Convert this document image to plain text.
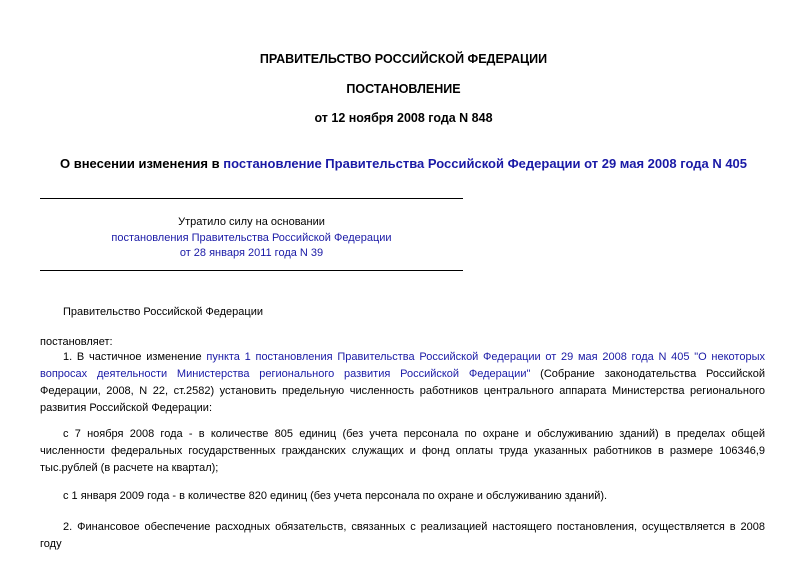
ПРАВИТЕЛЬСТВО РОССИЙСКОЙ ФЕДЕРАЦИИ
ПОСТАНОВЛЕНИЕ
от 12 ноября 2008 года N 848
О внесении изменения в постановление Правительства Российской Федерации от 29 мая 2008 года N 405
Утратило силу на основании
постановления Правительства Российской Федерации
от 28 января 2011 года N 39
Правительство Российской Федерации
постановляет:
1. В частичное изменение пункта 1 постановления Правительства Российской Федерации от 29 мая 2008 года N 405 "О некоторых вопросах деятельности Министерства регионального развития Российской Федерации" (Собрание законодательства Российской Федерации, 2008, N 22, ст.2582) установить предельную численность работников центрального аппарата Министерства регионального развития Российской Федерации:
с 7 ноября 2008 года - в количестве 805 единиц (без учета персонала по охране и обслуживанию зданий) в пределах общей численности федеральных государственных гражданских служащих и фонд оплаты труда указанных работников в размере 106346,9 тыс.рублей (в расчете на квартал);
с 1 января 2009 года - в количестве 820 единиц (без учета персонала по охране и обслуживанию зданий).
2. Финансовое обеспечение расходных обязательств, связанных с реализацией настоящего постановления, осуществляется в 2008 году
